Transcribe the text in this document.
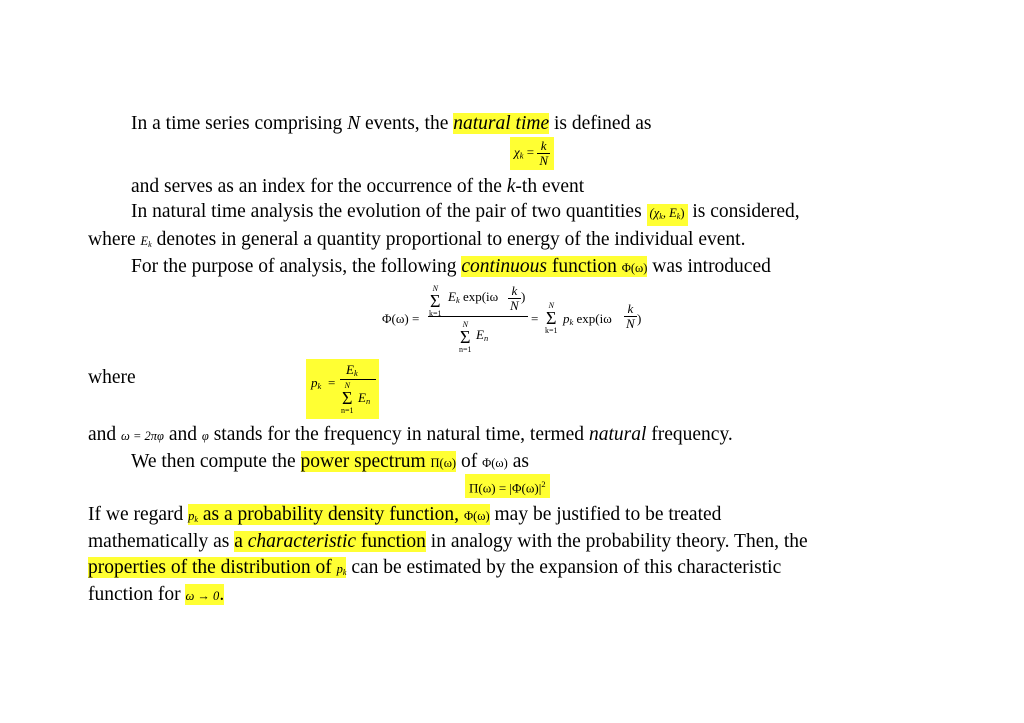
In a time series comprising N events, the natural time is defined as
$\chi_k = \frac{k}{N}$
and serves as an index for the occurrence of the k-th event
In natural time analysis the evolution of the pair of two quantities ($\chi_k$, $E_k$) is considered,
where $E_k$ denotes in general a quantity proportional to energy of the individual event.
For the purpose of analysis, the following continuous function Φ(ω) was introduced
Φ(ω) =
N
Σ
k=1
$E_k$ $\exp(i\omega \frac{k}{N}$ )
N
Σ
n=1
$E_n$
=
N
Σ
k=1
$p_k$ $\exp(i\omega \frac{k}{N}$ )
where	$p_k$ =
$E_k$
N
Σ
n=1
$E_n$
and ω = 2πφ and φ stands for the frequency in natural time, termed natural frequency.
We then compute the power spectrum Π(ω) of Φ(ω) as
$\Pi(\omega) = |\Phi(\omega)|^2$
If we regard $p_k$ as a probability density function, Φ(ω) may be justified to be treated
mathematically as a characteristic function in analogy with the probability theory. Then, the
properties of the distribution of $p_k$ can be estimated by the expansion of this characteristic
function for ω → 0.
